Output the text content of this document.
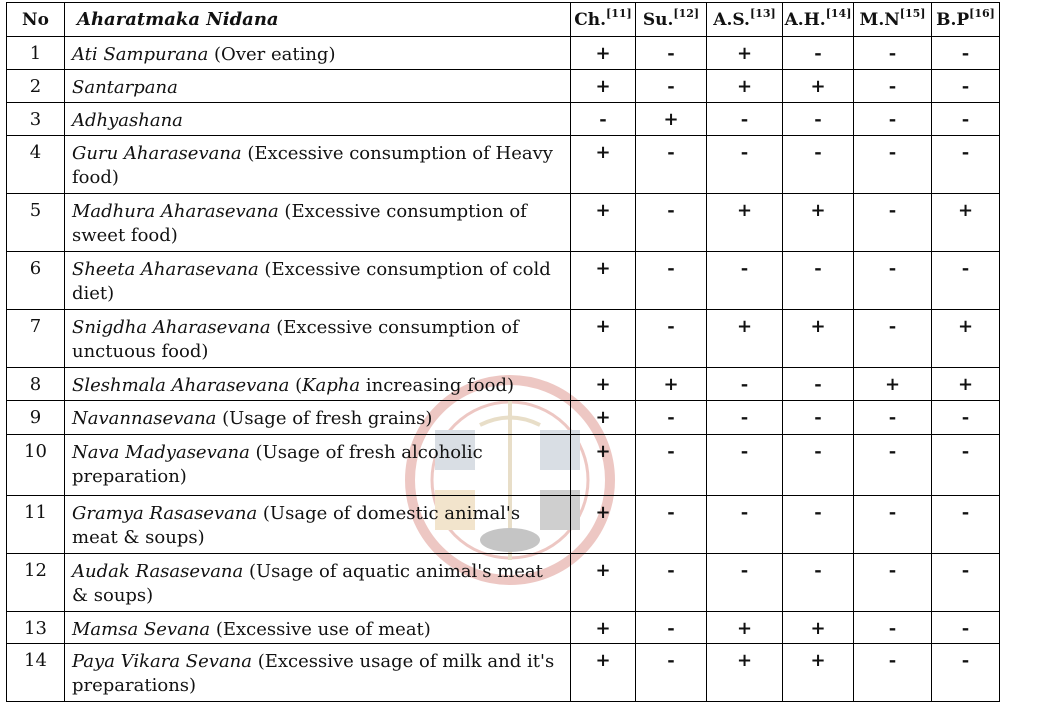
No	Aharatmaka Nidana	Ch.[11]	Su.[12]	A.S.[13]	A.H.[14]	M.N[15]	B.P[16]
1	Ati Sampurana (Over eating)	+	-	+	-	-	-
2	Santarpana	+	-	+	+	-	-
3	Adhyashana	-	+	-	-	-	-
4	Guru Aharasevana (Excessive consumption of Heavy food)	+	-	-	-	-	-
5	Madhura Aharasevana (Excessive consumption of sweet food)	+	-	+	+	-	+
6	Sheeta Aharasevana (Excessive consumption of cold diet)	+	-	-	-	-	-
7	Snigdha Aharasevana (Excessive consumption of unctuous food)	+	-	+	+	-	+
8	Sleshmala Aharasevana (Kapha increasing food)	+	+	-	-	+	+
9	Navannasevana (Usage of fresh grains)	+	-	-	-	-	-
10	Nava Madyasevana (Usage of fresh alcoholic preparation)	+	-	-	-	-	-
11	Gramya Rasasevana (Usage of domestic animal's meat & soups)	+	-	-	-	-	-
12	Audak Rasasevana (Usage of aquatic animal's meat & soups)	+	-	-	-	-	-
13	Mamsa Sevana (Excessive use of meat)	+	-	+	+	-	-
14	Paya Vikara Sevana (Excessive usage of milk and it's preparations)	+	-	+	+	-	-
